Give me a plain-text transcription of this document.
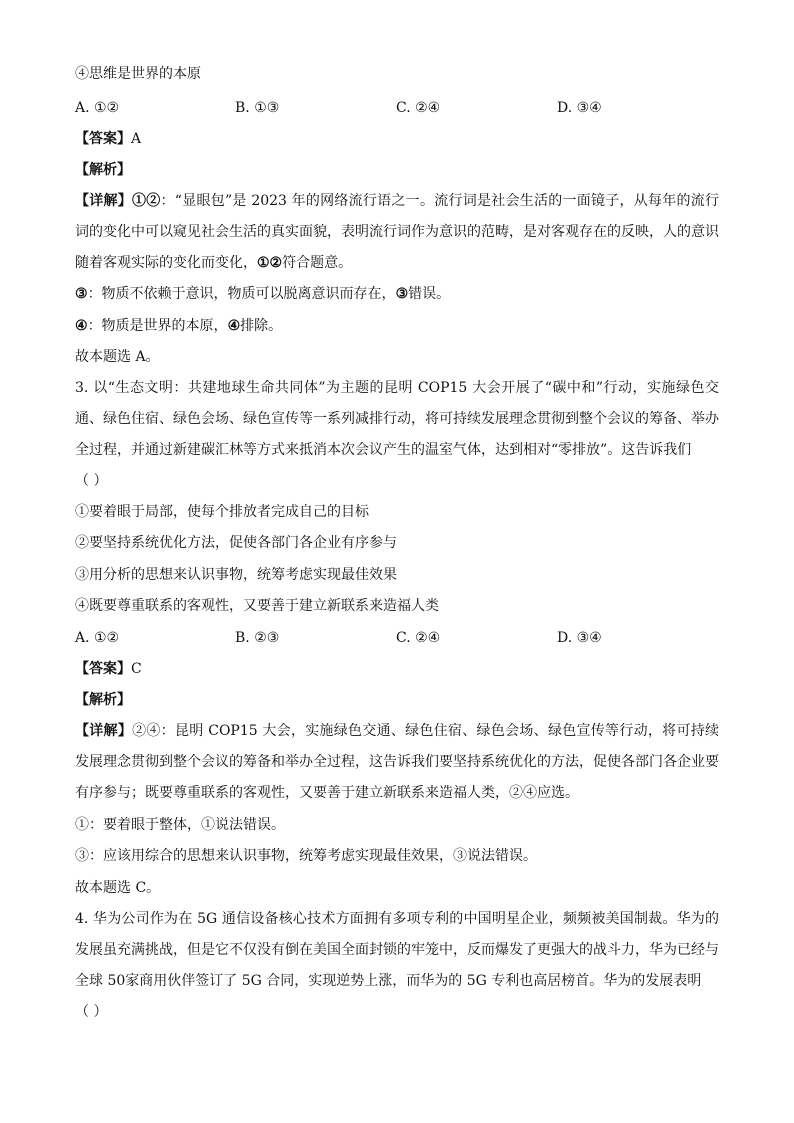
④思维是世界的本原
A. ①②	B. ①③	C. ②④	D. ③④
【答案】A
【解析】
【详解】①②：“显眼包”是 2023 年的网络流行语之一。流行词是社会生活的一面镜子，从每年的流行词的变化中可以窥见社会生活的真实面貌，表明流行词作为意识的范畴，是对客观存在的反映，人的意识随着客观实际的变化而变化，①②符合题意。
③：物质不依赖于意识，物质可以脱离意识而存在，③错误。
④：物质是世界的本原，④排除。
故本题选 A。
3. 以“生态文明：共建地球生命共同体”为主题的昆明 COP15 大会开展了“碳中和”行动，实施绿色交通、绿色住宿、绿色会场、绿色宣传等一系列减排行动，将可持续发展理念贯彻到整个会议的筹备、举办全过程，并通过新建碳汇林等方式来抵消本次会议产生的温室气体，达到相对“零排放”。这告诉我们
（ ）
①要着眼于局部，使每个排放者完成自己的目标
②要坚持系统优化方法，促使各部门各企业有序参与
③用分析的思想来认识事物，统筹考虑实现最佳效果
④既要尊重联系的客观性，又要善于建立新联系来造福人类
A. ①②	B. ②③	C. ②④	D. ③④
【答案】C
【解析】
【详解】②④：昆明 COP15 大会，实施绿色交通、绿色住宿、绿色会场、绿色宣传等行动，将可持续发展理念贯彻到整个会议的筹备和举办全过程，这告诉我们要坚持系统优化的方法，促使各部门各企业要有序参与；既要尊重联系的客观性，又要善于建立新联系来造福人类，②④应选。
①：要着眼于整体，①说法错误。
③：应该用综合的思想来认识事物，统筹考虑实现最佳效果，③说法错误。
故本题选 C。
4. 华为公司作为在 5G 通信设备核心技术方面拥有多项专利的中国明星企业，频频被美国制裁。华为的发展虽充满挑战，但是它不仅没有倒在美国全面封锁的牢笼中，反而爆发了更强大的战斗力，华为已经与全球 50家商用伙伴签订了 5G 合同，实现逆势上涨，而华为的 5G 专利也高居榜首。华为的发展表明
（ ）
